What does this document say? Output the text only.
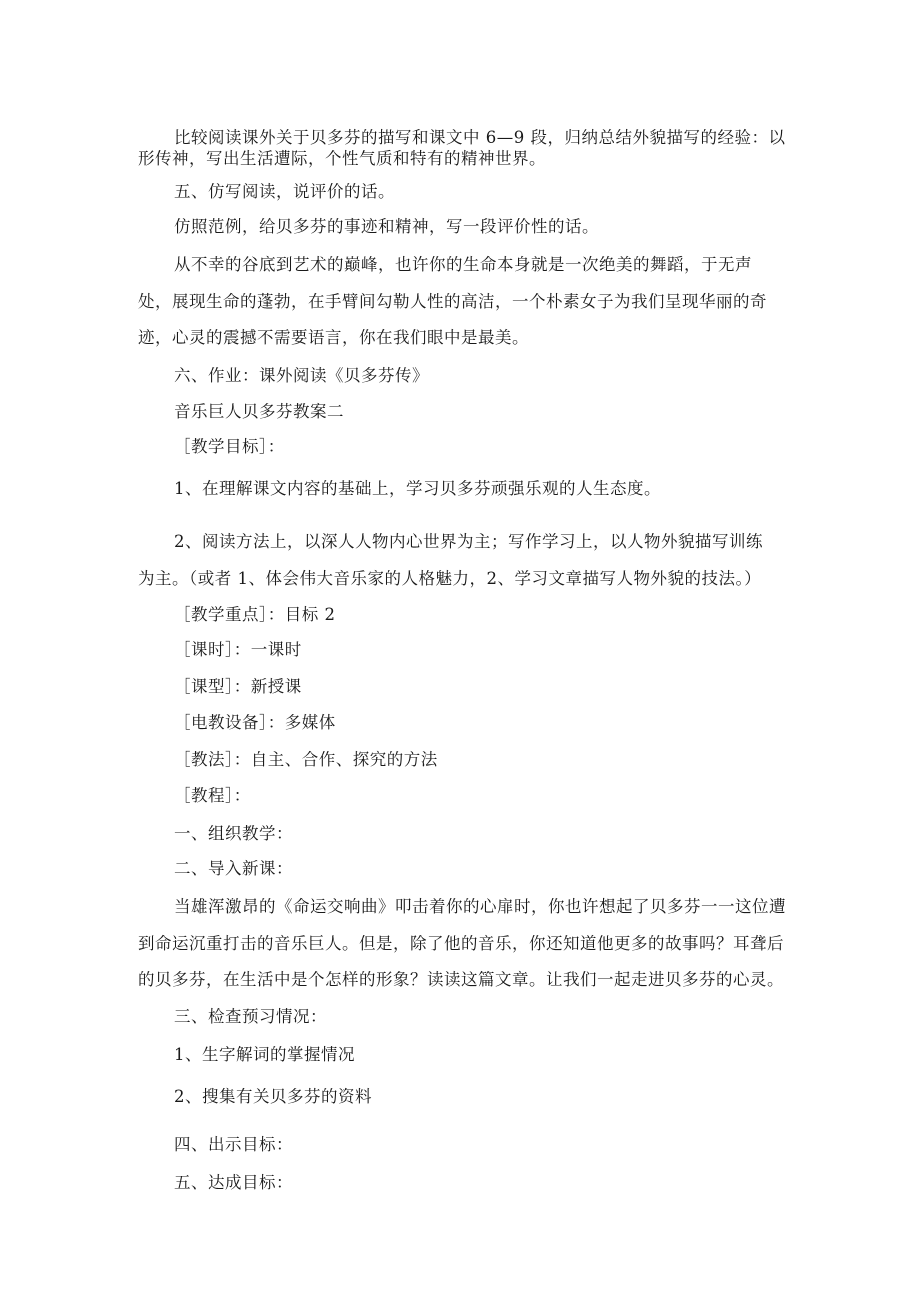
比较阅读课外关于贝多芬的描写和课文中 6—9 段，归纳总结外貌描写的经验：以
形传神，写出生活遭际，个性气质和特有的精神世界。
五、仿写阅读，说评价的话。
仿照范例，给贝多芬的事迹和精神，写一段评价性的话。
从不幸的谷底到艺术的巅峰，也许你的生命本身就是一次绝美的舞蹈，于无声
处，展现生命的蓬勃，在手臂间勾勒人性的高洁，一个朴素女子为我们呈现华丽的奇
迹，心灵的震撼不需要语言，你在我们眼中是最美。
六、作业：课外阅读《贝多芬传》
音乐巨人贝多芬教案二
［教学目标］：
1、在理解课文内容的基础上，学习贝多芬顽强乐观的人生态度。
2、阅读方法上，以深人人物内心世界为主；写作学习上，以人物外貌描写训练
为主。（或者 1、体会伟大音乐家的人格魅力，2、学习文章描写人物外貌的技法。）
［教学重点］：目标 2
［课时］：一课时
［课型］：新授课
［电教设备］：多媒体
［教法］：自主、合作、探究的方法
［教程］：
一、组织教学：
二、导入新课：
当雄浑激昂的《命运交响曲》叩击着你的心扉时，你也许想起了贝多芬一一这位遭
到命运沉重打击的音乐巨人。但是，除了他的音乐，你还知道他更多的故事吗？耳聋后
的贝多芬，在生活中是个怎样的形象？读读这篇文章。让我们一起走进贝多芬的心灵。
三、检查预习情况：
1、生字解词的掌握情况
2、搜集有关贝多芬的资料
四、出示目标：
五、达成目标：
